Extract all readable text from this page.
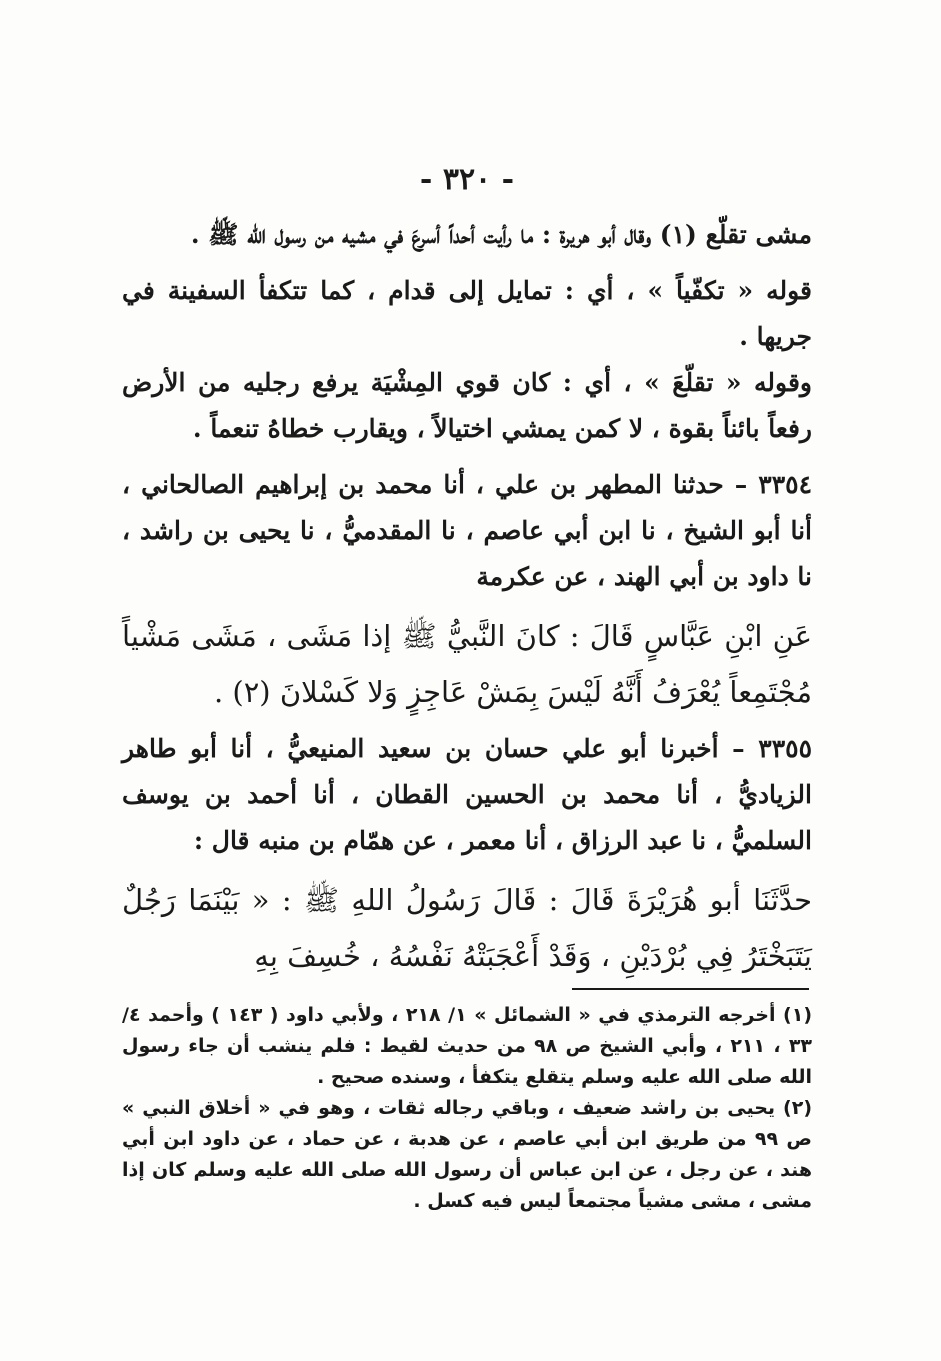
- ٣٢٠ -

مشى تقلّع (١) وقال أبو هريرة : ما رأيت أحداً أسرعَ في مشيه من رسول الله ﷺ .

قوله « تكفّياً » ، أي : تمايل إلى قدام ، كما تتكفأ السفينة في جريها .

وقوله « تقلّعَ » ، أي : كان قوي المِشْيَة يرفع رجليه من الأرض رفعاً بائناً بقوة ، لا كمن يمشي اختيالاً ، ويقارب خطاهُ تنعماً .

٣٣٥٤ – حدثنا المطهر بن علي ، أنا محمد بن إبراهيم الصالحاني ، أنا أبو الشيخ ، نا ابن أبي عاصم ، نا المقدميُّ ، نا يحيى بن راشد ، نا داود بن أبي الهند ، عن عكرمة

عَنِ ابْنِ عَبَّاسٍ قَالَ : كانَ النَّبيُّ ﷺ إذا مَشَى ، مَشَى مَشْياً مُجْتَمِعاً يُعْرَفُ أَنَّهُ لَيْسَ بِمَشْ عَاجِزٍ وَلا كَسْلانَ (٢) .

٣٣٥٥ – أخبرنا أبو علي حسان بن سعيد المنيعيُّ ، أنا أبو طاهر الزياديُّ ، أنا محمد بن الحسين القطان ، أنا أحمد بن يوسف السلميُّ ، نا عبد الرزاق ، أنا معمر ، عن همّام بن منبه قال :

حدَّثَنَا أبو هُرَيْرَةَ قَالَ : قَالَ رَسُولُ اللهِ ﷺ : « بَيْنَمَا رَجُلٌ يَتَبَخْتَرُ فِي بُرْدَيْنِ ، وَقَدْ أَعْجَبَتْهُ نَفْسُهُ ، خُسِفَ بِهِ

(١) أخرجه الترمذي في « الشمائل » ١/ ٢١٨ ، ولأبي داود ( ١٤٣ ) وأحمد ٤/ ٣٣ ، ٢١١ ، وأبي الشيخ ص ٩٨ من حديث لقيط : فلم ينشب أن جاء رسول الله صلى الله عليه وسلم يتقلع يتكفأ ، وسنده صحيح .

(٢) يحيى بن راشد ضعيف ، وباقي رجاله ثقات ، وهو في « أخلاق النبي » ص ٩٩ من طريق ابن أبي عاصم ، عن هدبة ، عن حماد ، عن داود ابن أبي هند ، عن رجل ، عن ابن عباس أن رسول الله صلى الله عليه وسلم كان إذا مشى ، مشى مشياً مجتمعاً ليس فيه كسل .
